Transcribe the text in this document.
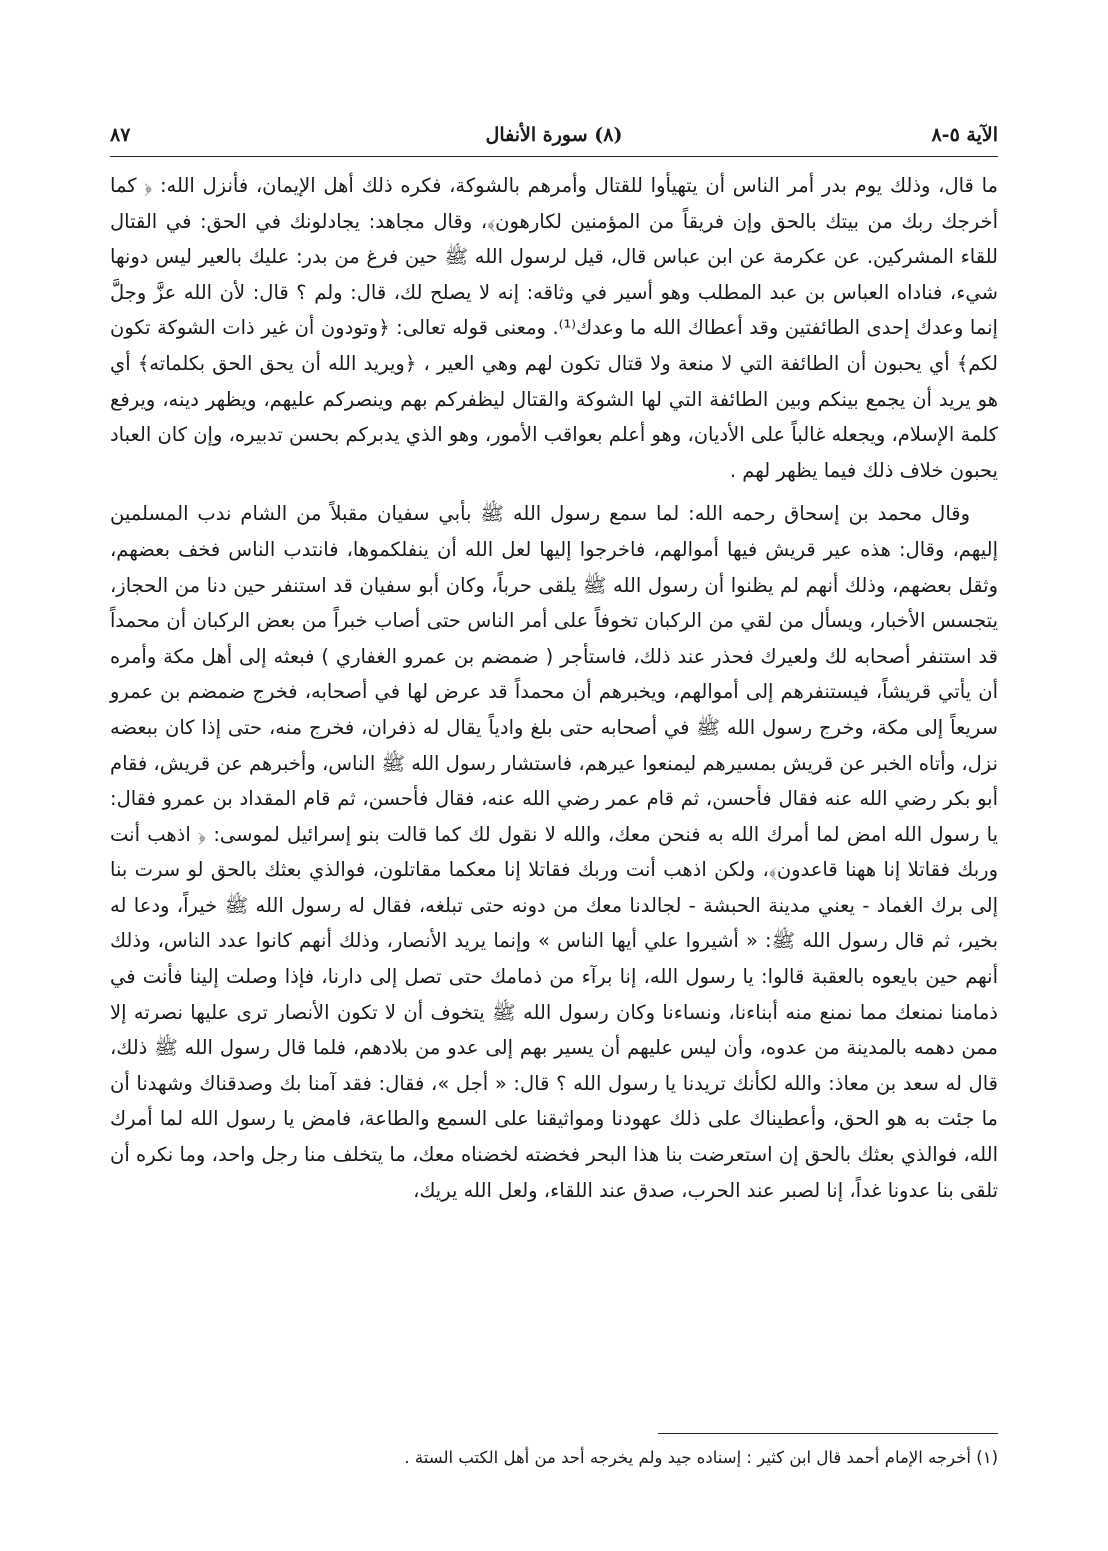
الآية ٥-٨
(٨) سورة الأنفال
٨٧

ما قال، وذلك يوم بدر أمر الناس أن يتهيأوا للقتال وأمرهم بالشوكة، فكره ذلك أهل الإيمان، فأنزل الله: ﴿ كما أخرجك ربك من بيتك بالحق وإن فريقاً من المؤمنين لكارهون﴾، وقال مجاهد: يجادلونك في الحق: في القتال للقاء المشركين. عن عكرمة عن ابن عباس قال، قيل لرسول الله ﷺ حين فرغ من بدر: عليك بالعير ليس دونها شيء، فناداه العباس بن عبد المطلب وهو أسير في وثاقه: إنه لا يصلح لك، قال: ولم ؟ قال: لأن الله عزَّ وجلَّ إنما وعدك إحدى الطائفتين وقد أعطاك الله ما وعدك⁽¹⁾. ومعنى قوله تعالى: ﴿وتودون أن غير ذات الشوكة تكون لكم﴾ أي يحبون أن الطائفة التي لا منعة ولا قتال تكون لهم وهي العير ، ﴿ويريد الله أن يحق الحق بكلماته﴾ أي هو يريد أن يجمع بينكم وبين الطائفة التي لها الشوكة والقتال ليظفركم بهم وينصركم عليهم، ويظهر دينه، ويرفع كلمة الإسلام، ويجعله غالباً على الأديان، وهو أعلم بعواقب الأمور، وهو الذي يدبركم بحسن تدبيره، وإن كان العباد يحبون خلاف ذلك فيما يظهر لهم .

وقال محمد بن إسحاق رحمه الله: لما سمع رسول الله ﷺ بأبي سفيان مقبلاً من الشام ندب المسلمين إليهم، وقال: هذه عير قريش فيها أموالهم، فاخرجوا إليها لعل الله أن ينفلكموها، فانتدب الناس فخف بعضهم، وثقل بعضهم، وذلك أنهم لم يظنوا أن رسول الله ﷺ يلقى حرباً، وكان أبو سفيان قد استنفر حين دنا من الحجاز، يتجسس الأخبار، ويسأل من لقي من الركبان تخوفاً على أمر الناس حتى أصاب خبراً من بعض الركبان أن محمداً قد استنفر أصحابه لك ولعيرك فحذر عند ذلك، فاستأجر ( ضمضم بن عمرو الغفاري ) فبعثه إلى أهل مكة وأمره أن يأتي قريشاً، فيستنفرهم إلى أموالهم، ويخبرهم أن محمداً قد عرض لها في أصحابه، فخرج ضمضم بن عمرو سريعاً إلى مكة، وخرج رسول الله ﷺ في أصحابه حتى بلغ وادياً يقال له ذفران، فخرج منه، حتى إذا كان ببعضه نزل، وأتاه الخبر عن قريش بمسيرهم ليمنعوا عيرهم، فاستشار رسول الله ﷺ الناس، وأخبرهم عن قريش، فقام أبو بكر رضي الله عنه فقال فأحسن، ثم قام عمر رضي الله عنه، فقال فأحسن، ثم قام المقداد بن عمرو فقال: يا رسول الله امض لما أمرك الله به فنحن معك، والله لا نقول لك كما قالت بنو إسرائيل لموسى: ﴿ اذهب أنت وربك فقاتلا إنا ههنا قاعدون﴾، ولكن اذهب أنت وربك فقاتلا إنا معكما مقاتلون، فوالذي بعثك بالحق لو سرت بنا إلى برك الغماد - يعني مدينة الحبشة - لجالدنا معك من دونه حتى تبلغه، فقال له رسول الله ﷺ خيراً، ودعا له بخير، ثم قال رسول الله ﷺ: « أشيروا علي أيها الناس » وإنما يريد الأنصار، وذلك أنهم كانوا عدد الناس، وذلك أنهم حين بايعوه بالعقبة قالوا: يا رسول الله، إنا برآء من ذمامك حتى تصل إلى دارنا، فإذا وصلت إلينا فأنت في ذمامنا نمنعك مما نمنع منه أبناءنا، ونساءنا وكان رسول الله ﷺ يتخوف أن لا تكون الأنصار ترى عليها نصرته إلا ممن دهمه بالمدينة من عدوه، وأن ليس عليهم أن يسير بهم إلى عدو من بلادهم، فلما قال رسول الله ﷺ ذلك، قال له سعد بن معاذ: والله لكأنك تريدنا يا رسول الله ؟ قال: « أجل »، فقال: فقد آمنا بك وصدقناك وشهدنا أن ما جئت به هو الحق، وأعطيناك على ذلك عهودنا ومواثيقنا على السمع والطاعة، فامض يا رسول الله لما أمرك الله، فوالذي بعثك بالحق إن استعرضت بنا هذا البحر فخضته لخضناه معك، ما يتخلف منا رجل واحد، وما نكره أن تلقى بنا عدونا غداً، إنا لصبر عند الحرب، صدق عند اللقاء، ولعل الله يريك،

(١) أخرجه الإمام أحمد قال ابن كثير : إسناده جيد ولم يخرجه أحد من أهل الكتب الستة .
